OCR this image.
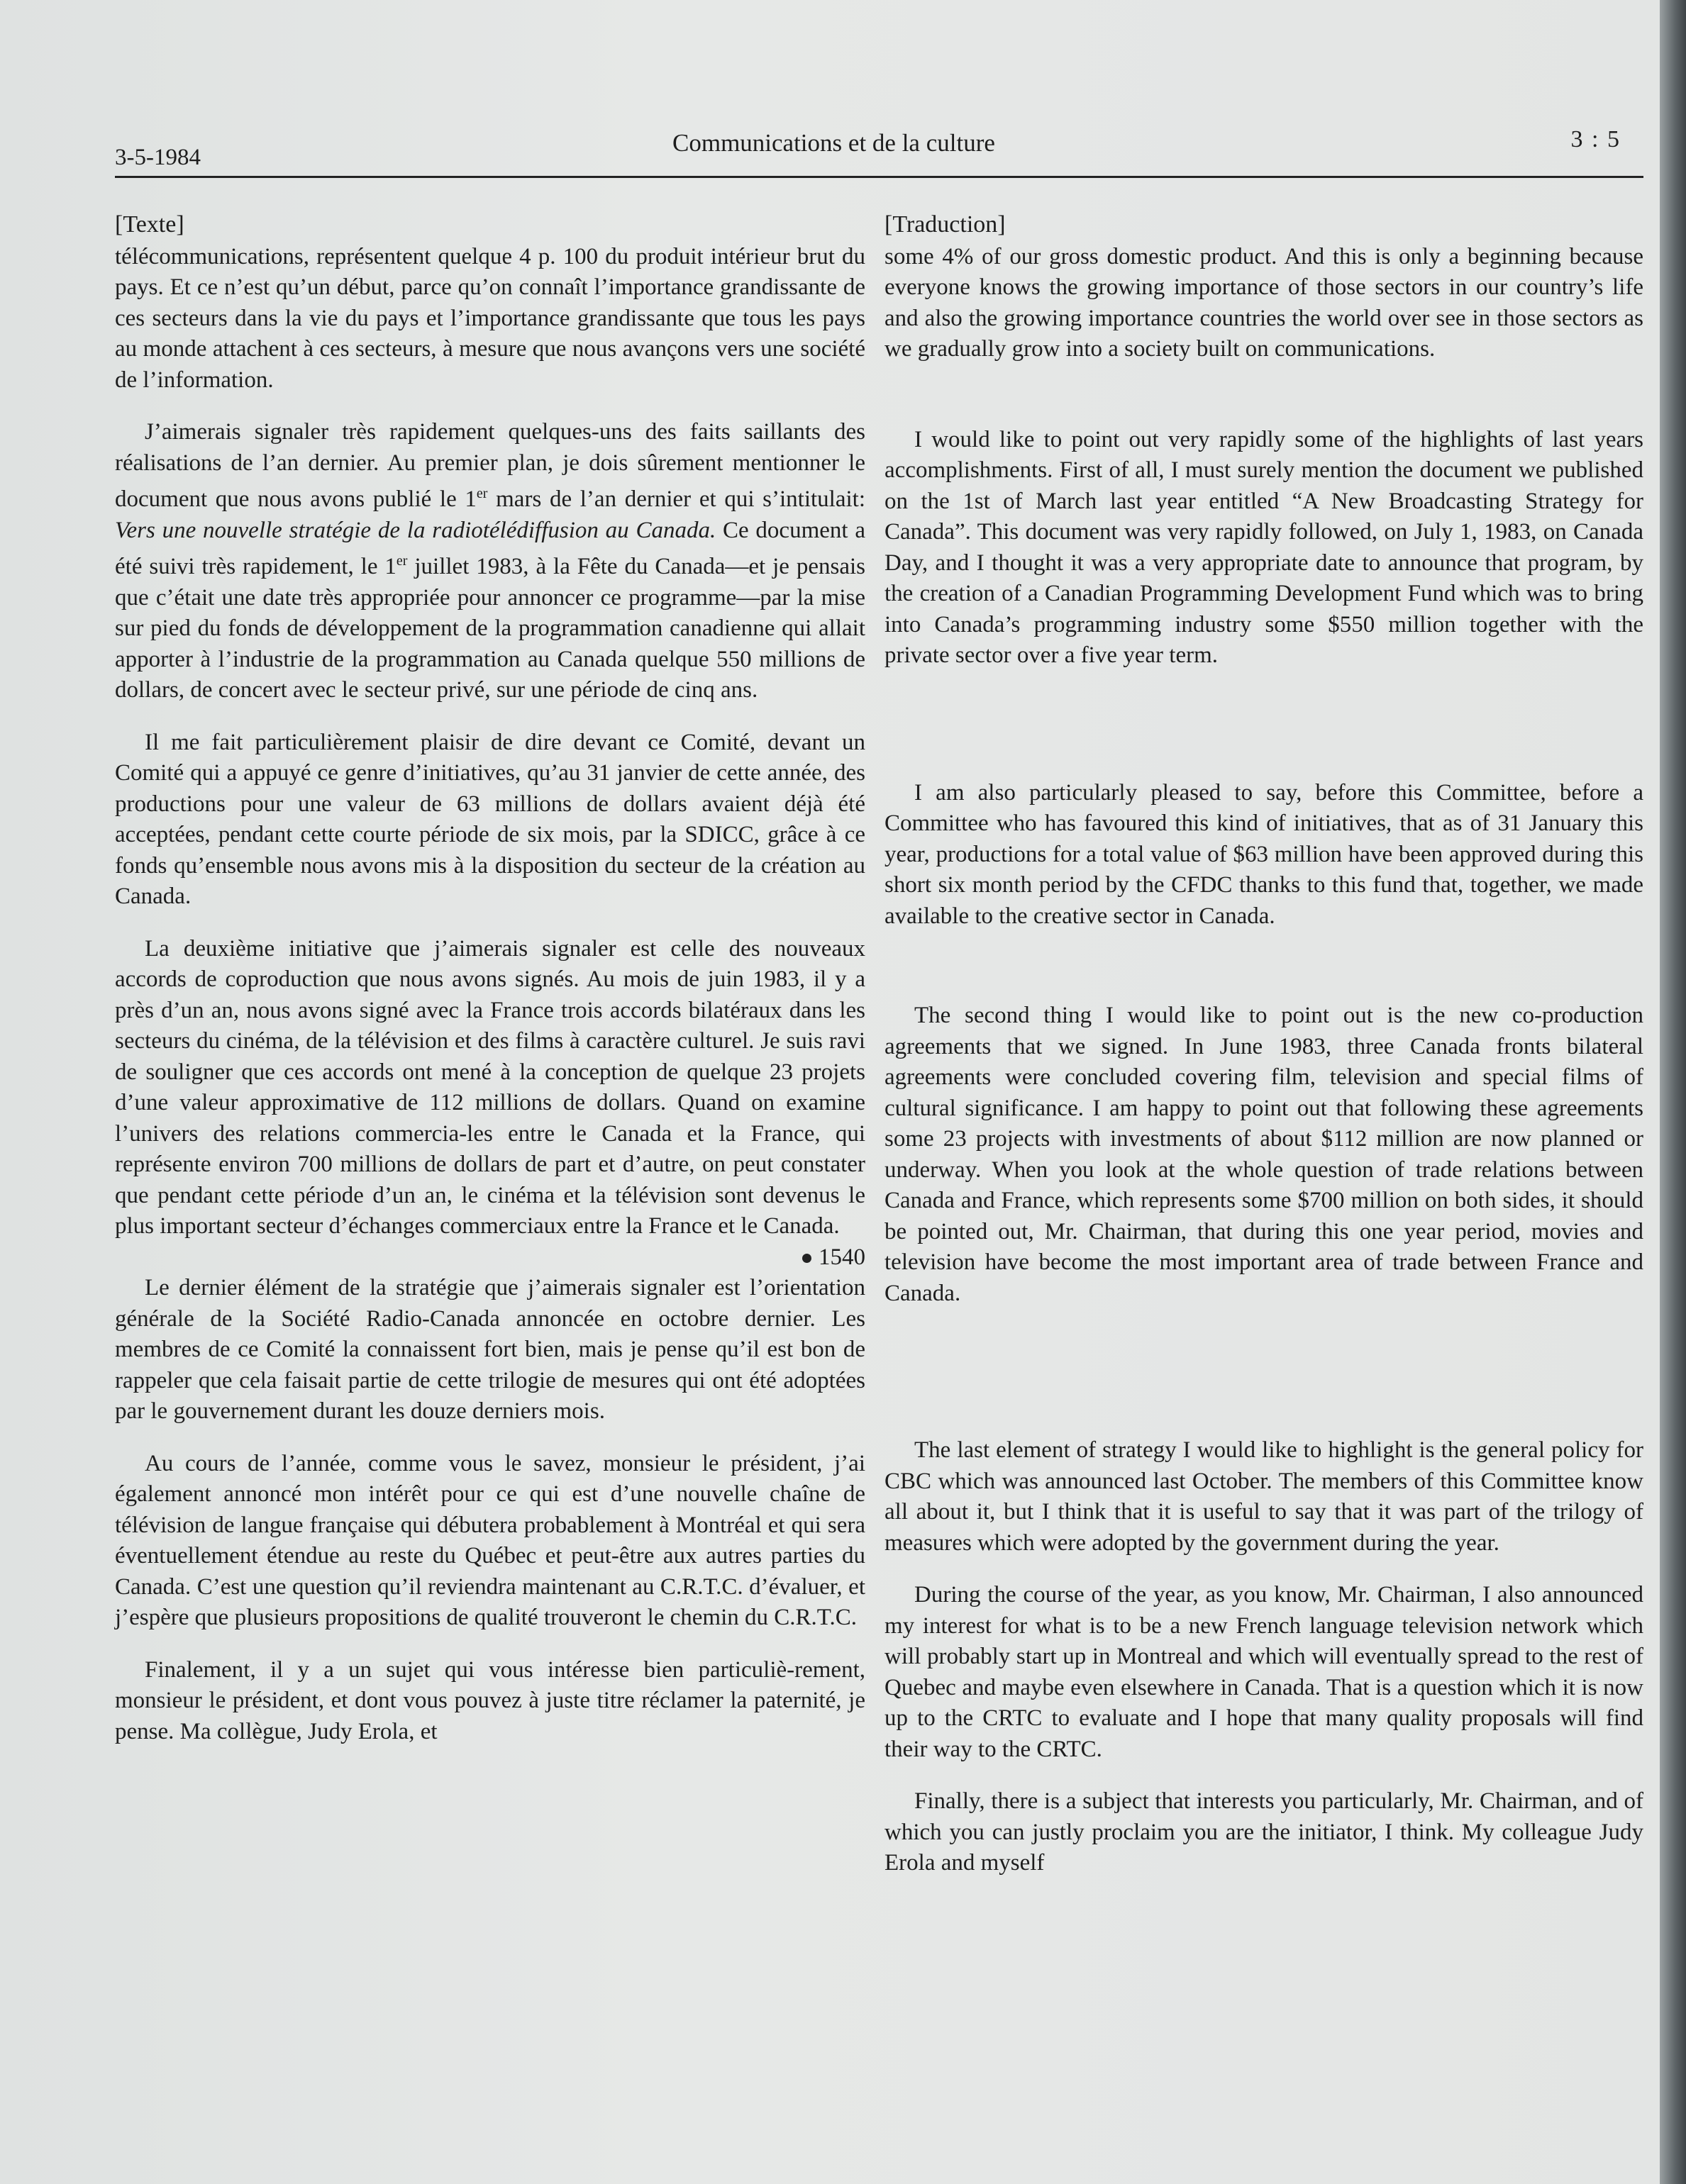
3-5-1984
Communications et de la culture	3 : 5

[Texte]

télécommunications, représentent quelque 4 p. 100 du produit intérieur brut du pays. Et ce n’est qu’un début, parce qu’on connaît l’importance grandissante de ces secteurs dans la vie du pays et l’importance grandissante que tous les pays au monde attachent à ces secteurs, à mesure que nous avançons vers une société de l’information.

J’aimerais signaler très rapidement quelques-uns des faits saillants des réalisations de l’an dernier. Au premier plan, je dois sûrement mentionner le document que nous avons publié le 1er mars de l’an dernier et qui s’intitulait: Vers une nouvelle stratégie de la radiotélédiffusion au Canada. Ce document a été suivi très rapidement, le 1er juillet 1983, à la Fête du Canada—et je pensais que c’était une date très appropriée pour annoncer ce programme—par la mise sur pied du fonds de développement de la programmation canadienne qui allait apporter à l’industrie de la programmation au Canada quelque 550 millions de dollars, de concert avec le secteur privé, sur une période de cinq ans.

Il me fait particulièrement plaisir de dire devant ce Comité, devant un Comité qui a appuyé ce genre d’initiatives, qu’au 31 janvier de cette année, des productions pour une valeur de 63 millions de dollars avaient déjà été acceptées, pendant cette courte période de six mois, par la SDICC, grâce à ce fonds qu’ensemble nous avons mis à la disposition du secteur de la création au Canada.

La deuxième initiative que j’aimerais signaler est celle des nouveaux accords de coproduction que nous avons signés. Au mois de juin 1983, il y a près d’un an, nous avons signé avec la France trois accords bilatéraux dans les secteurs du cinéma, de la télévision et des films à caractère culturel. Je suis ravi de souligner que ces accords ont mené à la conception de quelque 23 projets d’une valeur approximative de 112 millions de dollars. Quand on examine l’univers des relations commercia-les entre le Canada et la France, qui représente environ 700 millions de dollars de part et d’autre, on peut constater que pendant cette période d’un an, le cinéma et la télévision sont devenus le plus important secteur d’échanges commerciaux entre la France et le Canada.

1540

Le dernier élément de la stratégie que j’aimerais signaler est l’orientation générale de la Société Radio-Canada annoncée en octobre dernier. Les membres de ce Comité la connaissent fort bien, mais je pense qu’il est bon de rappeler que cela faisait partie de cette trilogie de mesures qui ont été adoptées par le gouvernement durant les douze derniers mois.

Au cours de l’année, comme vous le savez, monsieur le président, j’ai également annoncé mon intérêt pour ce qui est d’une nouvelle chaîne de télévision de langue française qui débutera probablement à Montréal et qui sera éventuellement étendue au reste du Québec et peut-être aux autres parties du Canada. C’est une question qu’il reviendra maintenant au C.R.T.C. d’évaluer, et j’espère que plusieurs propositions de qualité trouveront le chemin du C.R.T.C.

Finalement, il y a un sujet qui vous intéresse bien particuliè-rement, monsieur le président, et dont vous pouvez à juste titre réclamer la paternité, je pense. Ma collègue, Judy Erola, et

[Traduction]

some 4% of our gross domestic product. And this is only a beginning because everyone knows the growing importance of those sectors in our country’s life and also the growing importance countries the world over see in those sectors as we gradually grow into a society built on communications.

I would like to point out very rapidly some of the highlights of last years accomplishments. First of all, I must surely mention the document we published on the 1st of March last year entitled “A New Broadcasting Strategy for Canada”. This document was very rapidly followed, on July 1, 1983, on Canada Day, and I thought it was a very appropriate date to announce that program, by the creation of a Canadian Programming Development Fund which was to bring into Canada’s programming industry some $550 million together with the private sector over a five year term.

I am also particularly pleased to say, before this Committee, before a Committee who has favoured this kind of initiatives, that as of 31 January this year, productions for a total value of $63 million have been approved during this short six month period by the CFDC thanks to this fund that, together, we made available to the creative sector in Canada.

The second thing I would like to point out is the new co-production agreements that we signed. In June 1983, three Canada fronts bilateral agreements were concluded covering film, television and special films of cultural significance. I am happy to point out that following these agreements some 23 projects with investments of about $112 million are now planned or underway. When you look at the whole question of trade relations between Canada and France, which represents some $700 million on both sides, it should be pointed out, Mr. Chairman, that during this one year period, movies and television have become the most important area of trade between France and Canada.

The last element of strategy I would like to highlight is the general policy for CBC which was announced last October. The members of this Committee know all about it, but I think that it is useful to say that it was part of the trilogy of measures which were adopted by the government during the year.

During the course of the year, as you know, Mr. Chairman, I also announced my interest for what is to be a new French language television network which will probably start up in Montreal and which will eventually spread to the rest of Quebec and maybe even elsewhere in Canada. That is a question which it is now up to the CRTC to evaluate and I hope that many quality proposals will find their way to the CRTC.

Finally, there is a subject that interests you particularly, Mr. Chairman, and of which you can justly proclaim you are the initiator, I think. My colleague Judy Erola and myself
